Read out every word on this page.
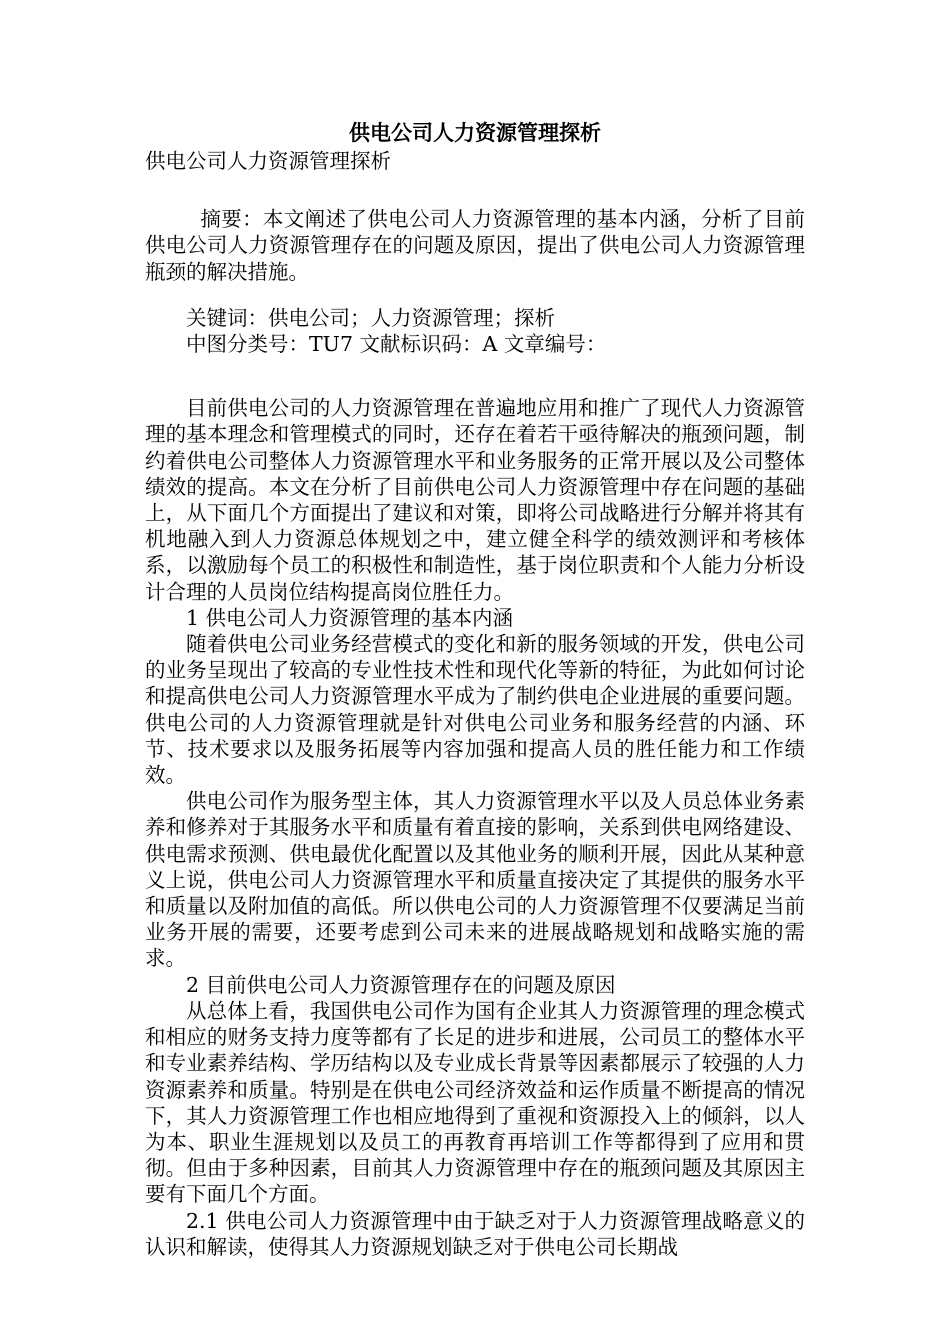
供电公司人力资源管理探析

供电公司人力资源管理探析

摘要：本文阐述了供电公司人力资源管理的基本内涵，分析了目前供电公司人力资源管理存在的问题及原因，提出了供电公司人力资源管理瓶颈的解决措施。

关键词：供电公司；人力资源管理；探析

中图分类号：TU7 文献标识码：A 文章编号：

目前供电公司的人力资源管理在普遍地应用和推广了现代人力资源管理的基本理念和管理模式的同时，还存在着若干亟待解决的瓶颈问题，制约着供电公司整体人力资源管理水平和业务服务的正常开展以及公司整体绩效的提高。本文在分析了目前供电公司人力资源管理中存在问题的基础上，从下面几个方面提出了建议和对策，即将公司战略进行分解并将其有机地融入到人力资源总体规划之中，建立健全科学的绩效测评和考核体系，以激励每个员工的积极性和制造性，基于岗位职责和个人能力分析设计合理的人员岗位结构提高岗位胜任力。

1 供电公司人力资源管理的基本内涵

随着供电公司业务经营模式的变化和新的服务领域的开发，供电公司的业务呈现出了较高的专业性技术性和现代化等新的特征，为此如何讨论和提高供电公司人力资源管理水平成为了制约供电企业进展的重要问题。供电公司的人力资源管理就是针对供电公司业务和服务经营的内涵、环节、技术要求以及服务拓展等内容加强和提高人员的胜任能力和工作绩效。

供电公司作为服务型主体，其人力资源管理水平以及人员总体业务素养和修养对于其服务水平和质量有着直接的影响，关系到供电网络建设、供电需求预测、供电最优化配置以及其他业务的顺利开展，因此从某种意义上说，供电公司人力资源管理水平和质量直接决定了其提供的服务水平和质量以及附加值的高低。所以供电公司的人力资源管理不仅要满足当前业务开展的需要，还要考虑到公司未来的进展战略规划和战略实施的需求。

2 目前供电公司人力资源管理存在的问题及原因

从总体上看，我国供电公司作为国有企业其人力资源管理的理念模式和相应的财务支持力度等都有了长足的进步和进展，公司员工的整体水平和专业素养结构、学历结构以及专业成长背景等因素都展示了较强的人力资源素养和质量。特别是在供电公司经济效益和运作质量不断提高的情况下，其人力资源管理工作也相应地得到了重视和资源投入上的倾斜，以人为本、职业生涯规划以及员工的再教育再培训工作等都得到了应用和贯彻。但由于多种因素，目前其人力资源管理中存在的瓶颈问题及其原因主要有下面几个方面。

2.1 供电公司人力资源管理中由于缺乏对于人力资源管理战略意义的认识和解读，使得其人力资源规划缺乏对于供电公司长期战
